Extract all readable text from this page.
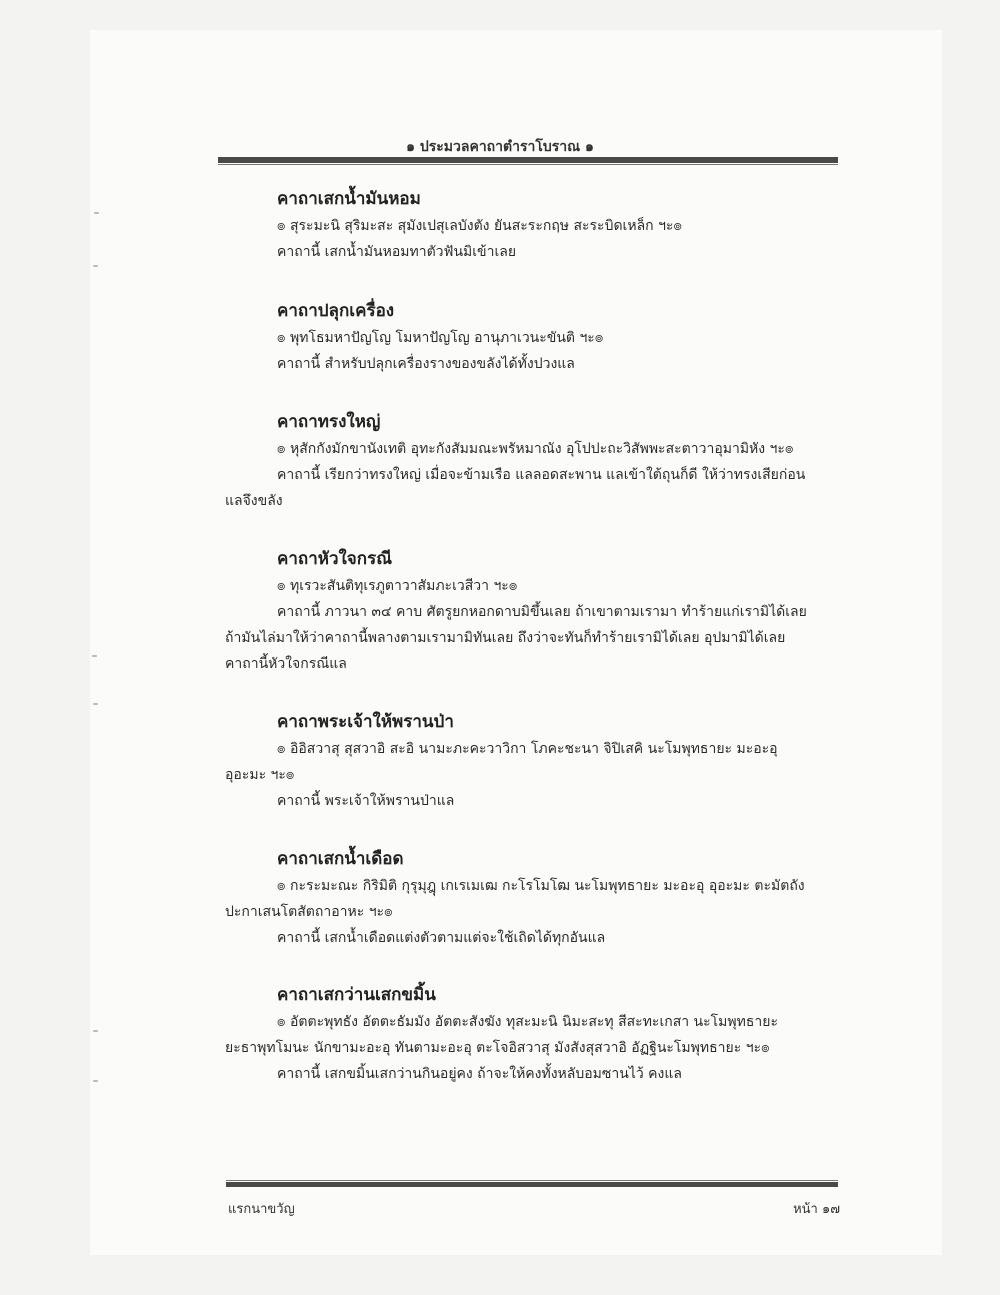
๑ ประมวลคาถาตำราโบราณ ๑
คาถาเสกน้ำมันหอม

๏ สุระมะนิ สุริมะสะ สุมังเปสุเลบังตัง ยันสะระกฤษ สะระบิดเหล็ก ฯะ๏

คาถานี้ เสกน้ำมันหอมทาตัวฟันมิเข้าเลย

คาถาปลุกเครื่อง

๏ พุทโธมหาปัญโญ โมหาปัญโญ อานุภาเวนะขันติ ฯะ๏

คาถานี้ สำหรับปลุกเครื่องรางของขลังได้ทั้งปวงแล

คาถาทรงใหญ่

๏ หุสักกังมักขานังเทติ อุทะกังสัมมณะพรัหมาณัง อุโปปะถะวิสัพพะสะตาวาอุมามิหัง ฯะ๏

คาถานี้ เรียกว่าทรงใหญ่ เมื่อจะข้ามเรือ แลลอดสะพาน แลเข้าใต้ถุนก็ดี ให้ว่าทรงเสียก่อน

แลจึงขลัง

คาถาหัวใจกรณี

๏ ทุเรวะสันติทุเรภูตาวาสัมภะเวสีวา ฯะ๏

คาถานี้ ภาวนา ๓๔ คาบ ศัตรูยกหอกดาบมิขึ้นเลย ถ้าเขาตามเรามา ทำร้ายแก่เรามิได้เลย

ถ้ามันไล่มาให้ว่าคาถานี้พลางตามเรามามิทันเลย ถึงว่าจะทันก็ทำร้ายเรามิได้เลย อุปมามิได้เลย

คาถานี้หัวใจกรณีแล

คาถาพระเจ้าให้พรานป่า

๏ อิอิสวาสุ สุสวาอิ สะอิ นามะภะคะวาวิกา โภคะชะนา จิปิเสคิ นะโมพุทธายะ มะอะอุ

อุอะมะ ฯะ๏

คาถานี้ พระเจ้าให้พรานป่าแล

คาถาเสกน้ำเดือด

๏ กะระมะณะ กิริมิติ กุรุมุฎุ เกเรเมเฒ กะโรโมโฒ นะโมพุทธายะ มะอะอุ อุอะมะ ตะมัตถัง

ปะกาเสนโตสัตถาอาหะ ฯะ๏

คาถานี้ เสกน้ำเดือดแต่งตัวตามแต่จะใช้เถิดได้ทุกอันแล

คาถาเสกว่านเสกขมิ้น

๏ อัตตะพุทธัง อัตตะธัมมัง อัตตะสังฆัง ทุสะมะนิ นิมะสะทุ สีสะทะเกสา นะโมพุทธายะ

ยะธาพุทโมนะ นักขามะอะอุ ทันตามะอะอุ ตะโจอิสวาสุ มังสังสุสวาอิ อัฏฐินะโมพุทธายะ ฯะ๏

คาถานี้ เสกขมิ้นเสกว่านกินอยู่คง ถ้าจะให้คงทั้งหลับอมซานไว้ คงแล

แรกนาขวัญ	หน้า ๑๗
